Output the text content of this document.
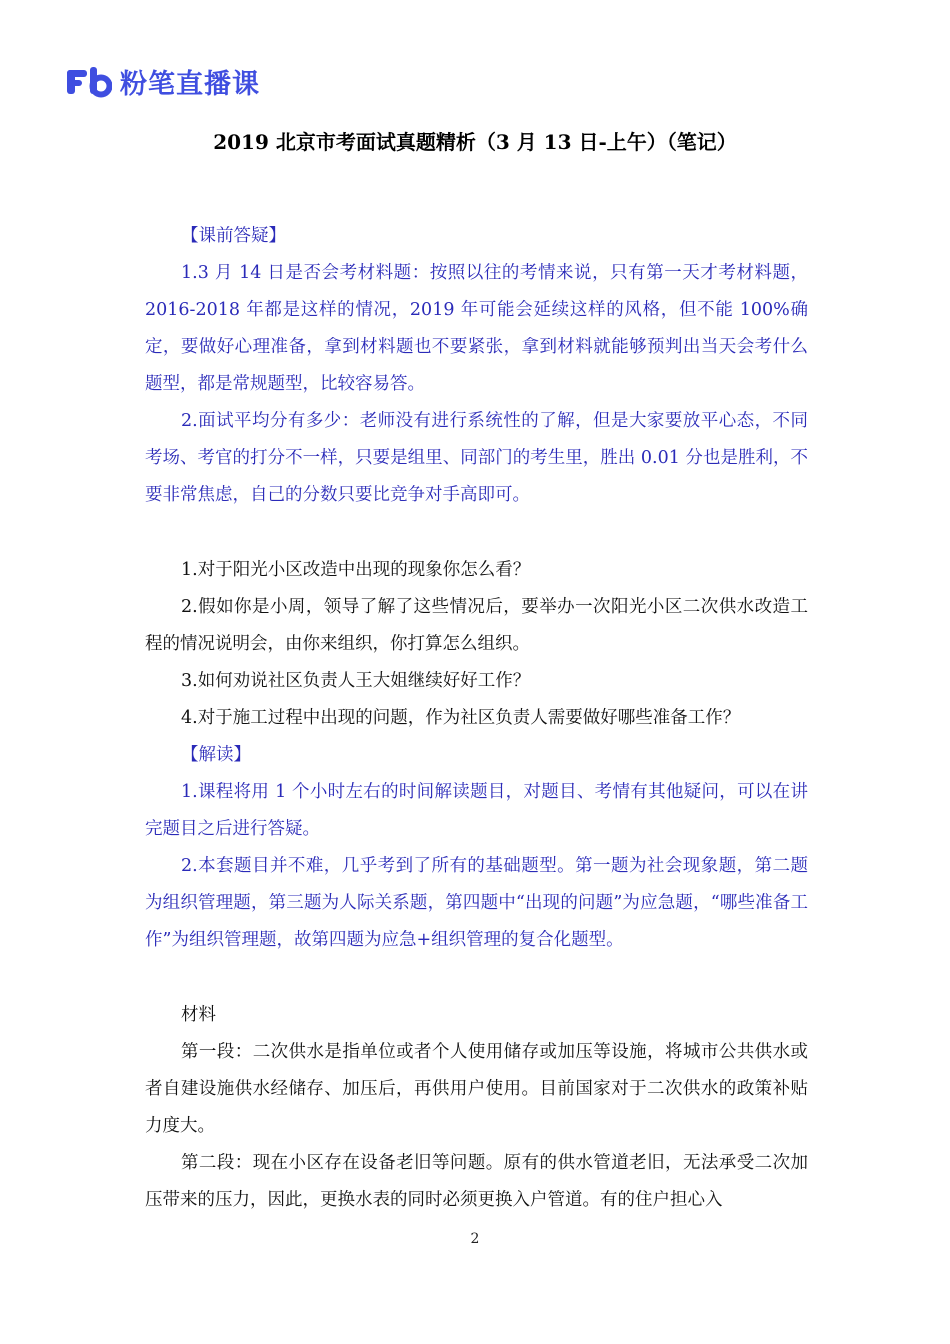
粉笔直播课
2019 北京市考面试真题精析（3 月 13 日-上午）（笔记）

【课前答疑】

1.3 月 14 日是否会考材料题：按照以往的考情来说，只有第一天才考材料题，2016-2018 年都是这样的情况，2019 年可能会延续这样的风格，但不能 100%确定，要做好心理准备，拿到材料题也不要紧张，拿到材料就能够预判出当天会考什么题型，都是常规题型，比较容易答。

2.面试平均分有多少：老师没有进行系统性的了解，但是大家要放平心态，不同考场、考官的打分不一样，只要是组里、同部门的考生里，胜出 0.01 分也是胜利，不要非常焦虑，自己的分数只要比竞争对手高即可。

1.对于阳光小区改造中出现的现象你怎么看？

2.假如你是小周，领导了解了这些情况后，要举办一次阳光小区二次供水改造工程的情况说明会，由你来组织，你打算怎么组织。

3.如何劝说社区负责人王大姐继续好好工作？

4.对于施工过程中出现的问题，作为社区负责人需要做好哪些准备工作？

【解读】

1.课程将用 1 个小时左右的时间解读题目，对题目、考情有其他疑问，可以在讲完题目之后进行答疑。

2.本套题目并不难，几乎考到了所有的基础题型。第一题为社会现象题，第二题为组织管理题，第三题为人际关系题，第四题中“出现的问题”为应急题，“哪些准备工作”为组织管理题，故第四题为应急+组织管理的复合化题型。

材料

第一段：二次供水是指单位或者个人使用储存或加压等设施，将城市公共供水或者自建设施供水经储存、加压后，再供用户使用。目前国家对于二次供水的政策补贴力度大。

第二段：现在小区存在设备老旧等问题。原有的供水管道老旧，无法承受二次加压带来的压力，因此，更换水表的同时必须更换入户管道。有的住户担心入

2
